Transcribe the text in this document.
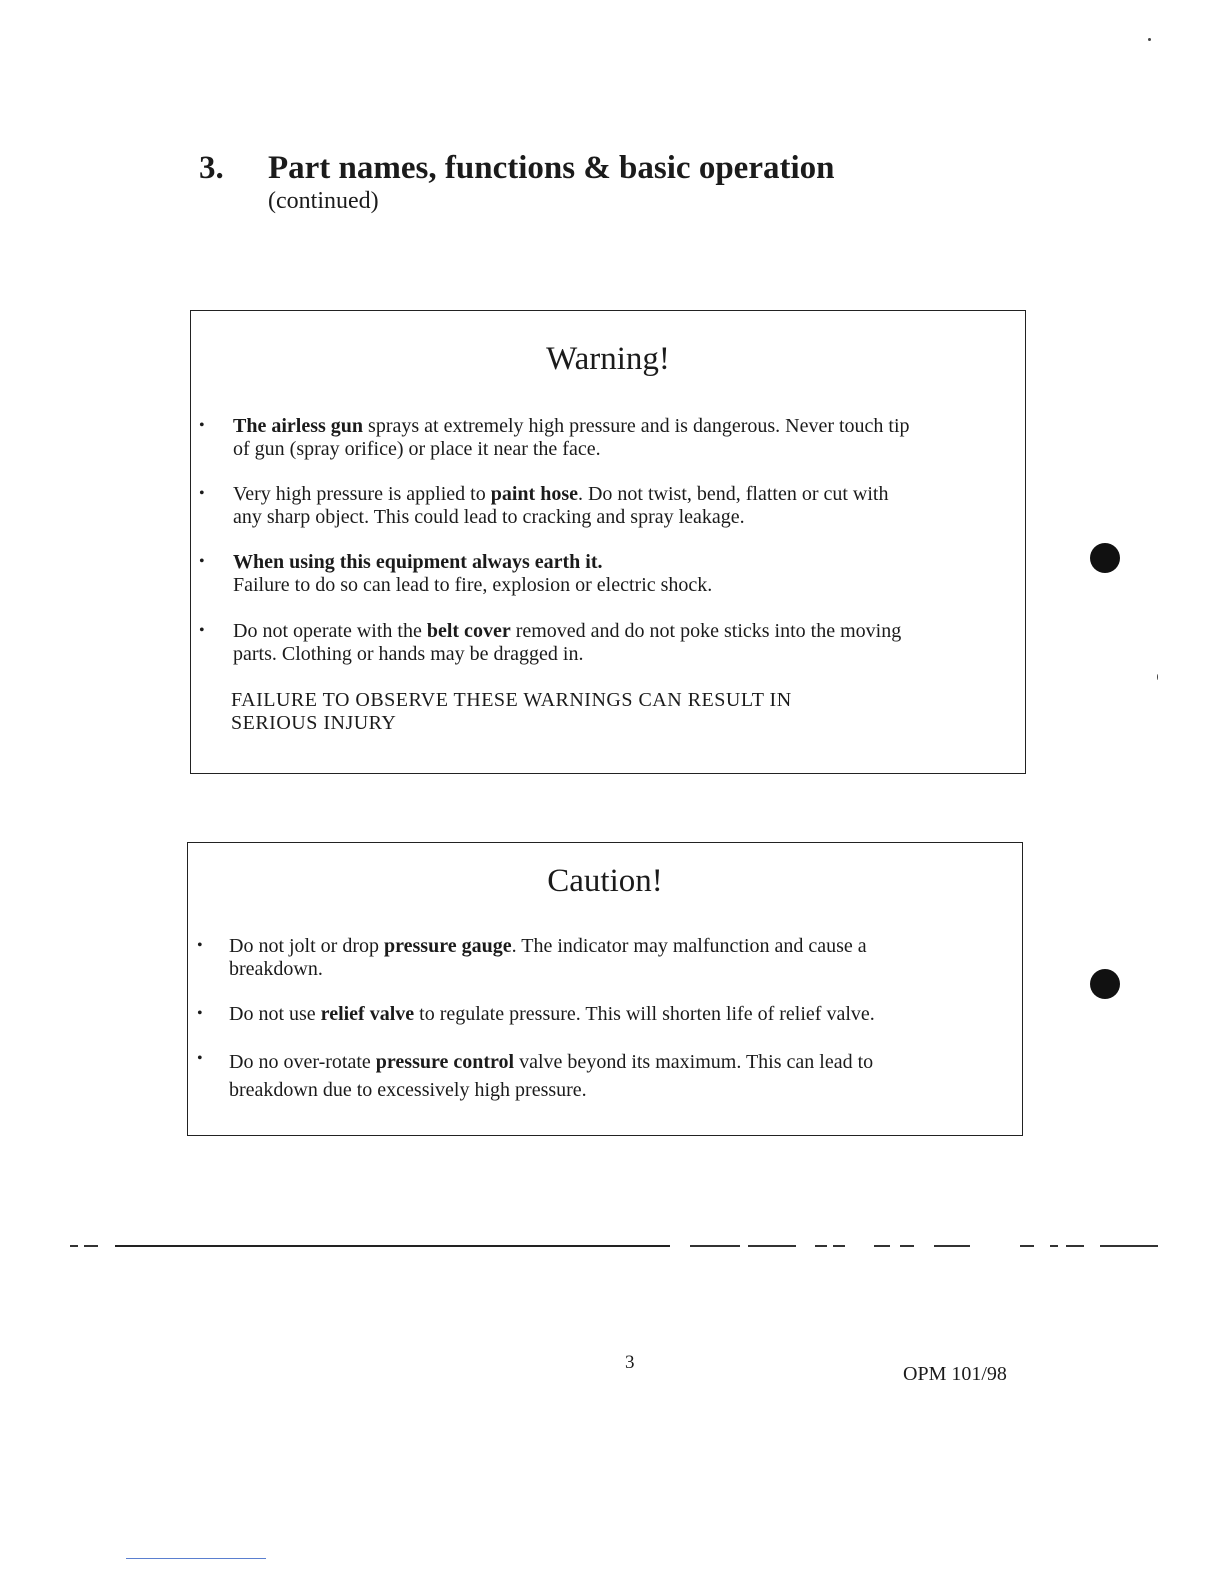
3. Part names, functions & basic operation
(continued)
Warning!
• The airless gun sprays at extremely high pressure and is dangerous. Never touch tip
of gun (spray orifice) or place it near the face.
• Very high pressure is applied to paint hose. Do not twist, bend, flatten or cut with
any sharp object. This could lead to cracking and spray leakage.
• When using this equipment always earth it.
Failure to do so can lead to fire, explosion or electric shock.
• Do not operate with the belt cover removed and do not poke sticks into the moving
parts. Clothing or hands may be dragged in.
FAILURE TO OBSERVE THESE WARNINGS CAN RESULT IN
SERIOUS INJURY
Caution!
• Do not jolt or drop pressure gauge. The indicator may malfunction and cause a
breakdown.
• Do not use relief valve to regulate pressure. This will shorten life of relief valve.
• Do no over-rotate pressure control valve beyond its maximum. This can lead to
breakdown due to excessively high pressure.
3
OPM 101/98
